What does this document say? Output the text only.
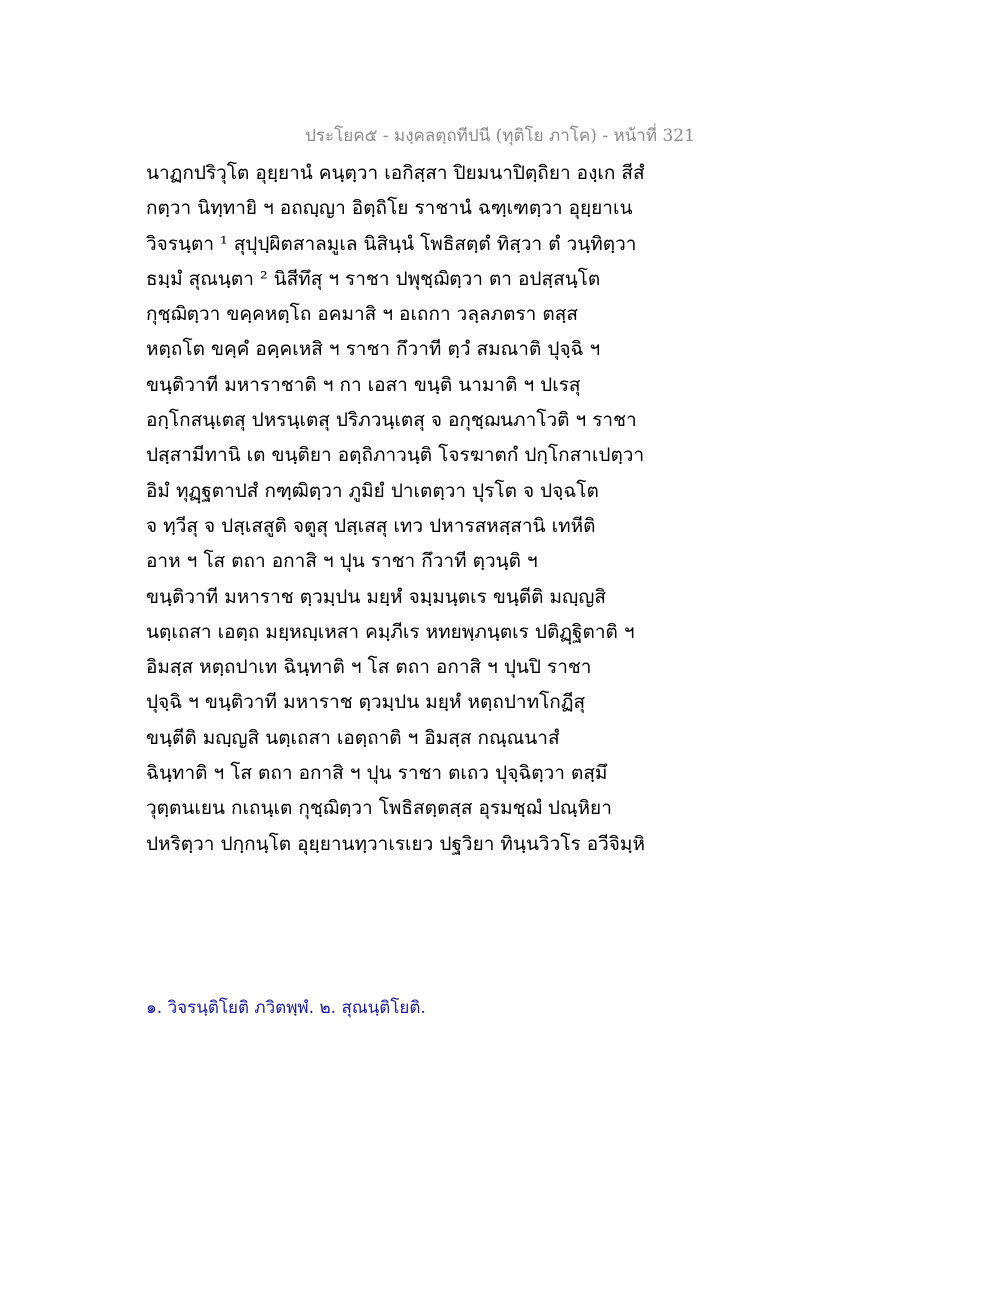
ประโยค๕ - มงฺคลตฺถทีปนี (ทุติโย ภาโค) - หน้าที่ 321
นาฏกปริวุโต อุยฺยานํ คนฺตฺวา เอกิสฺสา ปิยมนาปิตฺถิยา องฺเก สีสํ
กตฺวา นิทฺทายิ ฯ อถญฺญา อิตฺถิโย ราชานํ ฉฑฺเฑตฺวา อุยฺยาเน
วิจรนฺตา ¹ สุปุปฺผิตสาลมูเล นิสินฺนํ โพธิสตฺตํ ทิสฺวา ตํ วนฺทิตฺวา
ธมฺมํ สุณนฺตา ² นิสีทึสุ ฯ ราชา ปพุชฺฌิตฺวา ตา อปสฺสนฺโต
กุชฺฌิตฺวา ขคฺคหตฺโถ อคมาสิ ฯ อเถกา วลฺลภตรา ตสฺส
หตฺถโต ขคฺคํ อคฺคเหสิ ฯ ราชา กึวาที ตฺวํ สมณาติ ปุจฺฉิ ฯ
ขนฺติวาที มหาราชาติ ฯ กา เอสา ขนฺติ นามาติ ฯ ปเรสุ
อกฺโกสนฺเตสุ ปหรนฺเตสุ ปริภวนฺเตสุ จ อกุชฺฌนภาโวติ ฯ ราชา
ปสฺสามีทานิ เต ขนฺติยา อตฺถิภาวนฺติ โจรฆาตกํ ปกฺโกสาเปตฺวา
อิมํ ทุฏฺฐตาปสํ กฑฺฒิตฺวา ภูมิยํ ปาเตตฺวา ปุรโต จ ปจฺฉโต
จ ทฺวีสุ จ ปสฺเสสูติ จตูสุ ปสฺเสสุ เทว ปหารสหสฺสานิ เทหีติ
อาห ฯ โส ตถา อกาสิ ฯ ปุน ราชา กึวาที ตฺวนฺติ ฯ
ขนฺติวาที มหาราช ตฺวมฺปน มยฺหํ จมฺมนฺตเร ขนฺตีติ มญฺญสิ
นตฺเถสา เอตฺถ มยฺหญฺเหสา คมฺภีเร หทยพฺภนฺตเร ปติฏฺฐิตาติ ฯ
อิมสฺส หตฺถปาเท ฉินฺทาติ ฯ โส ตถา อกาสิ ฯ ปุนปิ ราชา
ปุจฺฉิ ฯ ขนฺติวาที มหาราช ตฺวมฺปน มยฺหํ หตฺถปาทโกฏีสุ
ขนฺตีติ มญฺญสิ นตฺเถสา เอตฺถาติ ฯ อิมสฺส กณฺณนาสํ
ฉินฺทาติ ฯ โส ตถา อกาสิ ฯ ปุน ราชา ตเถว ปุจฺฉิตฺวา ตสฺมึ
วุตฺตนเยน กเถนฺเต กุชฺฌิตฺวา โพธิสตฺตสฺส อุรมชฺฌํ ปณฺหิยา
ปหริตฺวา ปกฺกนฺโต อุยฺยานทฺวาเรเยว ปฐวิยา ทินฺนวิวโร อวีจิมฺหิ
๑. วิจรนฺติโยติ ภวิตพฺพํ. ๒. สุณนฺติโยติ.
